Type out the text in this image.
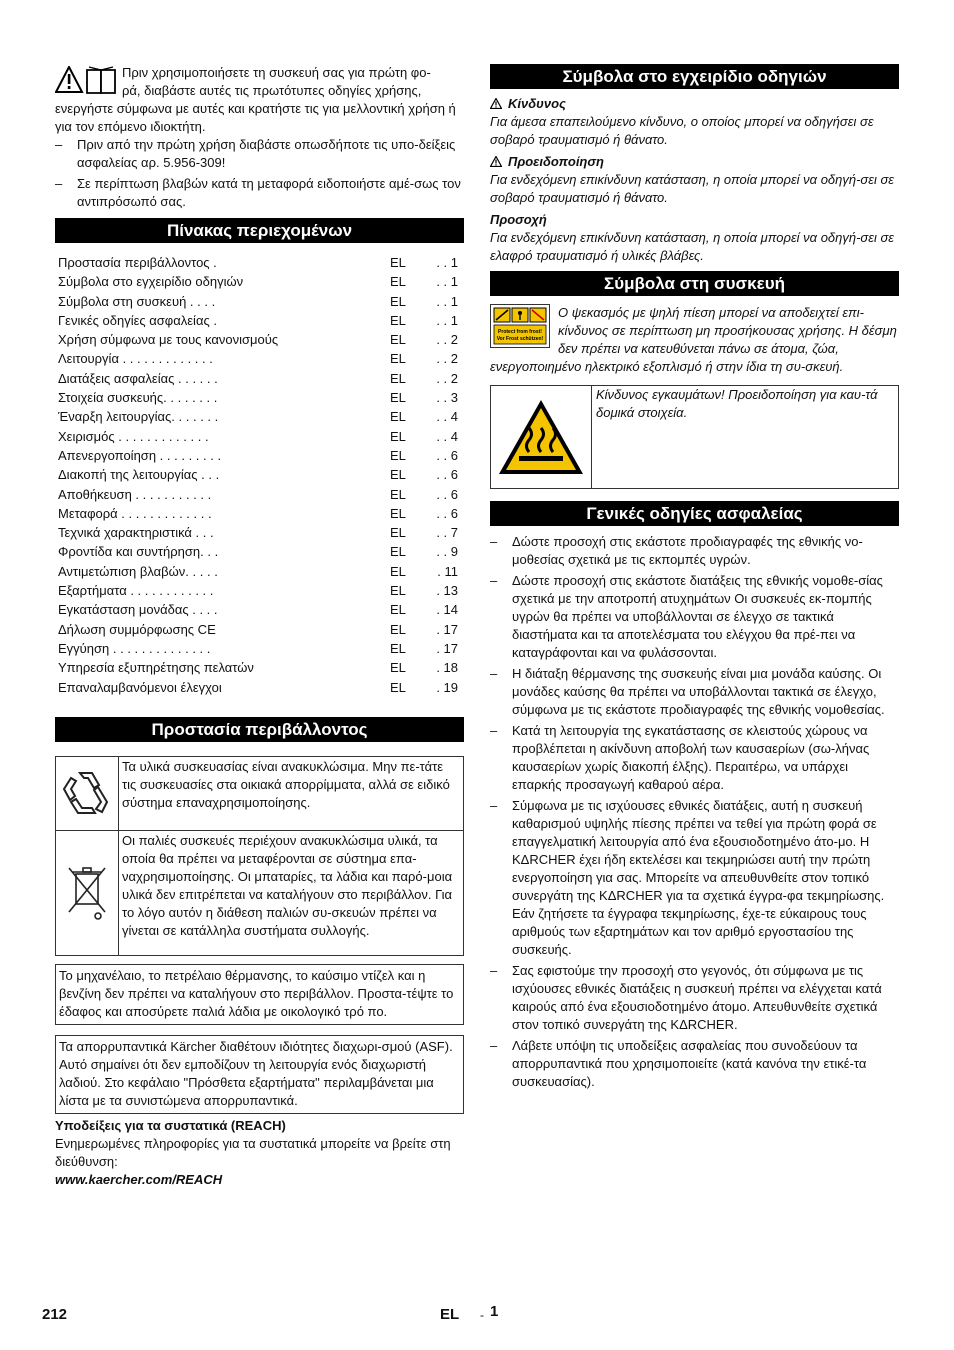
Πριν χρησιμοποιήσετε τη συσκευή σας για πρώτη φο-

ρά, διαβάστε αυτές τις πρωτότυπες οδηγίες χρήσης,

ενεργήστε σύμφωνα με αυτές και κρατήστε τις για μελλοντική χρήση ή για τον επόμενο ιδιοκτήτη.

– Πριν από την πρώτη χρήση διαβάστε οπωσδήποτε τις υπο-δείξεις ασφαλείας αρ. 5.956-309!

– Σε περίπτωση βλαβών κατά τη μεταφορά ειδοποιήστε αμέ-σως τον αντιπρόσωπό σας.

Πίνακας περιεχομένων
Προστασία περιβάλλοντος .	EL	. . 1
Σύμβολα στο εγχειρίδιο οδηγιών	EL	. . 1
Σύμβολα στη συσκευή . . . .	EL	. . 1
Γενικές οδηγίες ασφαλείας .	EL	. . 1
Χρήση σύμφωνα με τους κανονισμούς	EL	. . 2
Λειτουργία . . . . . . . . . . . . .	EL	. . 2
Διατάξεις ασφαλείας . . . . . .	EL	. . 2
Στοιχεία συσκευής. . . . . . . .	EL	. . 3
Έναρξη λειτουργίας. . . . . . .	EL	. . 4
Χειρισμός . . . . . . . . . . . . .	EL	. . 4
Απενεργοποίηση . . . . . . . . .	EL	. . 6
Διακοπή της λειτουργίας . . .	EL	. . 6
Αποθήκευση . . . . . . . . . . .	EL	. . 6
Μεταφορά . . . . . . . . . . . . .	EL	. . 6
Τεχνικά χαρακτηριστικά . . .	EL	. . 7
Φροντίδα και συντήρηση. . .	EL	. . 9
Αντιμετώπιση βλαβών. . . . .	EL	. 11
Εξαρτήματα . . . . . . . . . . . .	EL	. 13
Εγκατάσταση μονάδας . . . .	EL	. 14
Δήλωση συμμόρφωσης CE	EL	. 17
Εγγύηση . . . . . . . . . . . . . .	EL	. 17
Υπηρεσία εξυπηρέτησης πελατών	EL	. 18
Επαναλαμβανόμενοι έλεγχοι	EL	. 19
Προστασία περιβάλλοντος
Τα υλικά συσκευασίας είναι ανακυκλώσιμα. Μην πε-τάτε τις συσκευασίες στα οικιακά απορρίμματα, αλλά σε ειδικό σύστημα επαναχρησιμοποίησης.
Οι παλιές συσκευές περιέχουν ανακυκλώσιμα υλικά, τα οποία θα πρέπει να μεταφέρονται σε σύστημα επα-ναχρησιμοποίησης. Οι μπαταρίες, τα λάδια και παρό-μοια υλικά δεν επιτρέπεται να καταλήγουν στο περιβάλλον. Για το λόγο αυτόν η διάθεση παλιών συ-σκευών πρέπει να γίνεται σε κατάλληλα συστήματα συλλογής.

Το μηχανέλαιο, το πετρέλαιο θέρμανσης, το καύσιμο ντίζελ και η βενζίνη δεν πρέπει να καταλήγουν στο περιβάλλον. Προστα-τέψτε το έδαφος και αποσύρετε παλιά λάδια με οικολογικό τρό πο.

Τα απορρυπαντικά Kärcher διαθέτουν ιδιότητες διαχωρι-σμού (ASF). Αυτό σημαίνει ότι δεν εμποδίζουν τη λειτουργία ενός διαχωριστή λαδιού. Στο κεφάλαιο "Πρόσθετα εξαρτήματα" περιλαμβάνεται μια λίστα με τα συνιστώμενα απορρυπαντικά.

Υποδείξεις για τα συστατικά (REACH)

Ενημερωμένες πληροφορίες για τα συστατικά μπορείτε να βρείτε στη διεύθυνση:

www.kaercher.com/REACH

Σύμβολα στο εγχειρίδιο οδηγιών

Κίνδυνος

Για άμεσα επαπειλούμενο κίνδυνο, ο οποίος μπορεί να οδηγήσει σε σοβαρό τραυματισμό ή θάνατο.

Προειδοποίηση

Για ενδεχόμενη επικίνδυνη κατάσταση, η οποία μπορεί να οδηγή-σει σε σοβαρό τραυματισμό ή θάνατο.

Προσοχή

Για ενδεχόμενη επικίνδυνη κατάσταση, η οποία μπορεί να οδηγή-σει σε ελαφρό τραυματισμό ή υλικές βλάβες.

Σύμβολα στη συσκευή
Protect from frost!
Vor Frost schützen!

Ο ψεκασμός με ψηλή πίεση μπορεί να αποδειχτεί επι-κίνδυνος σε περίπτωση μη προσήκουσας χρήσης. Η δέσμη δεν πρέπει να κατευθύνεται πάνω σε άτομα, ζώα, ενεργοποιημένο ηλεκτρικό εξοπλισμό ή στην ίδια τη συ-σκευή.

Κίνδυνος εγκαυμάτων! Προειδοποίηση για καυ-τά δομικά στοιχεία.
Γενικές οδηγίες ασφαλείας

– Δώστε προσοχή στις εκάστοτε προδιαγραφές της εθνικής νο-μοθεσίας σχετικά με τις εκπομπές υγρών.

– Δώστε προσοχή στις εκάστοτε διατάξεις της εθνικής νομοθε-σίας σχετικά με την αποτροπή ατυχημάτων Οι συσκευές εκ-πομπής υγρών θα πρέπει να υποβάλλονται σε έλεγχο σε τακτικά διαστήματα και τα αποτελέσματα του ελέγχου θα πρέ-πει να καταγράφονται και να φυλάσσονται.

– Η διάταξη θέρμανσης της συσκευής είναι μια μονάδα καύσης. Οι μονάδες καύσης θα πρέπει να υποβάλλονται τακτικά σε έλεγχο, σύμφωνα με τις εκάστοτε προδιαγραφές της εθνικής νομοθεσίας.

– Κατά τη λειτουργία της εγκατάστασης σε κλειστούς χώρους να προβλέπεται η ακίνδυνη αποβολή των καυσαερίων (σω-λήνας καυσαερίων χωρίς διακοπή έλξης). Περαιτέρω, να υπάρχει επαρκής προσαγωγή καθαρού αέρα.

– Σύμφωνα με τις ισχύουσες εθνικές διατάξεις, αυτή η συσκευή καθαρισμού υψηλής πίεσης πρέπει να τεθεί για πρώτη φορά σε επαγγελματική λειτουργία από ένα εξουσιοδοτημένο άτο-μο. Η KΔRCHER έχει ήδη εκτελέσει και τεκμηριώσει αυτή την πρώτη ενεργοποίηση για σας. Μπορείτε να απευθυνθείτε στον τοπικό συνεργάτη της KΔRCHER για τα σχετικά έγγρα-φα τεκμηρίωσης. Εάν ζητήσετε τα έγγραφα τεκμηρίωσης, έχε-τε εύκαιρους τους αριθμούς των εξαρτημάτων και τον αριθμό εργοστασίου της συσκευής.

– Σας εφιστούμε την προσοχή στο γεγονός, ότι σύμφωνα με τις ισχύουσες εθνικές διατάξεις η συσκευή πρέπει να ελέγχεται κατά καιρούς από ένα εξουσιοδοτημένο άτομο. Απευθυνθείτε σχετικά στον τοπικό συνεργάτη της KΔRCHER.

– Λάβετε υπόψη τις υποδείξεις ασφαλείας που συνοδεύουν τα απορρυπαντικά που χρησιμοποιείτε (κατά κανόνα την ετικέ-τα συσκευασίας).

212	EL - 1
